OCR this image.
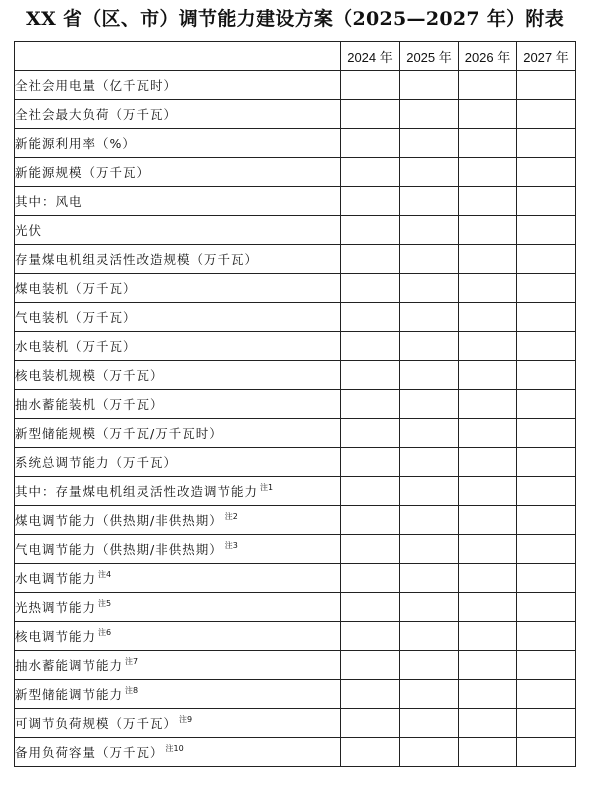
XX 省（区、市）调节能力建设方案（2025—2027 年）附表
	2024 年	2025 年	2026 年	2027 年
全社会用电量（亿千瓦时）				
全社会最大负荷（万千瓦）				
新能源利用率（%）				
新能源规模（万千瓦）				
其中：风电				
光伏				
存量煤电机组灵活性改造规模（万千瓦）				
煤电装机（万千瓦）				
气电装机（万千瓦）				
水电装机（万千瓦）				
核电装机规模（万千瓦）				
抽水蓄能装机（万千瓦）				
新型储能规模（万千瓦/万千瓦时）				
系统总调节能力（万千瓦）				
其中：存量煤电机组灵活性改造调节能力 $^{注1}$				
煤电调节能力（供热期/非供热期） $^{注2}$				
气电调节能力（供热期/非供热期） $^{注3}$				
水电调节能力 $^{注4}$				
光热调节能力 $^{注5}$				
核电调节能力 $^{注6}$				
抽水蓄能调节能力 $^{注7}$				
新型储能调节能力 $^{注8}$				
可调节负荷规模（万千瓦） $^{注9}$				
备用负荷容量（万千瓦） $^{注10}$				
